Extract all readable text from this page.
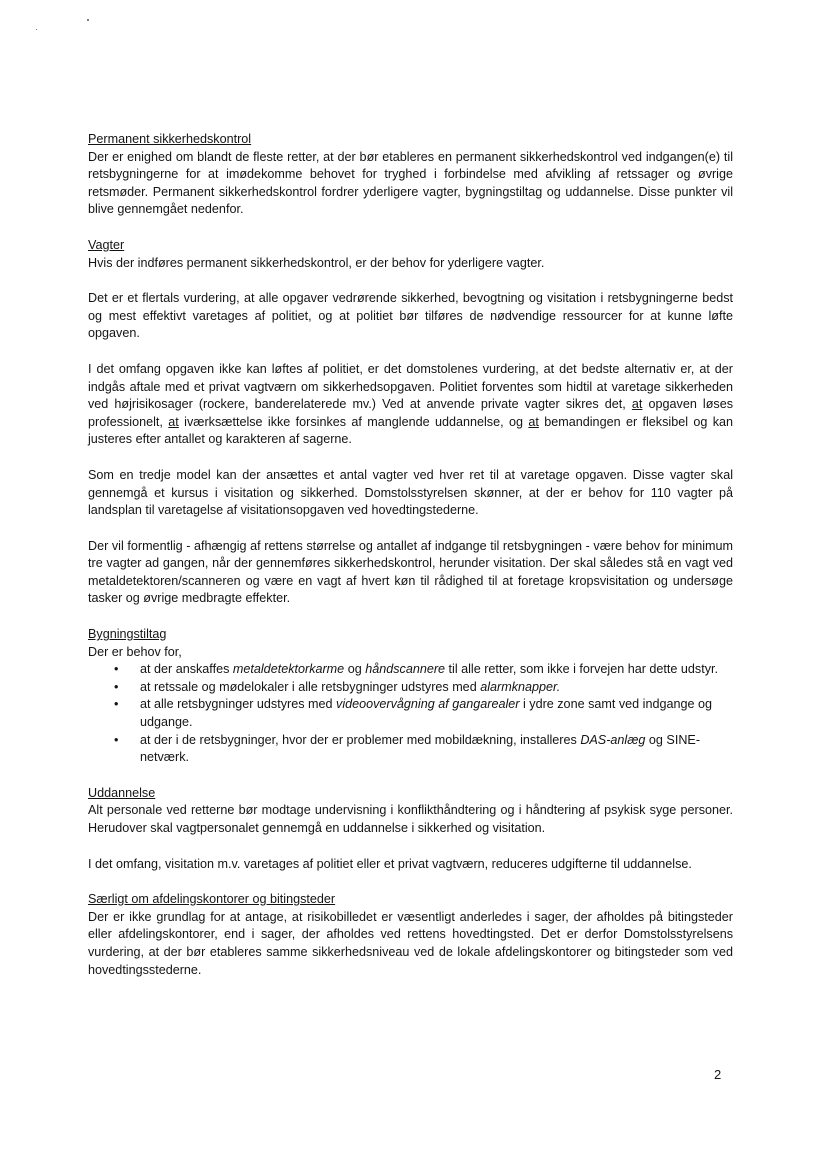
Permanent sikkerhedskontrol

Der er enighed om blandt de fleste retter, at der bør etableres en permanent sikkerhedskontrol ved indgangen(e) til retsbygningerne for at imødekomme behovet for tryghed i forbindelse med afvikling af retssager og øvrige retsmøder. Permanent sikkerhedskontrol fordrer yderligere vagter, bygningstiltag og uddannelse. Disse punkter vil blive gennemgået nedenfor.

Vagter

Hvis der indføres permanent sikkerhedskontrol, er der behov for yderligere vagter.

Det er et flertals vurdering, at alle opgaver vedrørende sikkerhed, bevogtning og visitation i retsbygningerne bedst og mest effektivt varetages af politiet, og at politiet bør tilføres de nødvendige ressourcer for at kunne løfte opgaven.

I det omfang opgaven ikke kan løftes af politiet, er det domstolenes vurdering, at det bedste alternativ er, at der indgås aftale med et privat vagtværn om sikkerhedsopgaven. Politiet forventes som hidtil at varetage sikkerheden ved højrisikosager (rockere, banderelaterede mv.) Ved at anvende private vagter sikres det, at opgaven løses professionelt, at iværksættelse ikke forsinkes af manglende uddannelse, og at bemandingen er fleksibel og kan justeres efter antallet og karakteren af sagerne.

Som en tredje model kan der ansættes et antal vagter ved hver ret til at varetage opgaven. Disse vagter skal gennemgå et kursus i visitation og sikkerhed. Domstolsstyrelsen skønner, at der er behov for 110 vagter på landsplan til varetagelse af visitationsopgaven ved hovedtingstederne.

Der vil formentlig - afhængig af rettens størrelse og antallet af indgange til retsbygningen - være behov for minimum tre vagter ad gangen, når der gennemføres sikkerhedskontrol, herunder visitation. Der skal således stå en vagt ved metaldetektoren/scanneren og være en vagt af hvert køn til rådighed til at foretage kropsvisitation og undersøge tasker og øvrige medbragte effekter.

Bygningstiltag

Der er behov for,

•	at der anskaffes metaldetektorkarme og håndscannere til alle retter, som ikke i forvejen har dette udstyr.
•	at retssale og mødelokaler i alle retsbygninger udstyres med alarmknapper.
•	at alle retsbygninger udstyres med videoovervågning af gangarealer i ydre zone samt ved indgange og udgange.
•	at der i de retsbygninger, hvor der er problemer med mobildækning, installeres DAS-anlæg og SINE-netværk.

Uddannelse

Alt personale ved retterne bør modtage undervisning i konflikthåndtering og i håndtering af psykisk syge personer. Herudover skal vagtpersonalet gennemgå en uddannelse i sikkerhed og visitation.

I det omfang, visitation m.v. varetages af politiet eller et privat vagtværn, reduceres udgifterne til uddannelse.

Særligt om afdelingskontorer og bitingsteder

Der er ikke grundlag for at antage, at risikobilledet er væsentligt anderledes i sager, der afholdes på bitingsteder eller afdelingskontorer, end i sager, der afholdes ved rettens hovedtingsted. Det er derfor Domstolsstyrelsens vurdering, at der bør etableres samme sikkerhedsniveau ved de lokale afdelingskontorer og bitingsteder som ved hovedtingsstederne.

2
